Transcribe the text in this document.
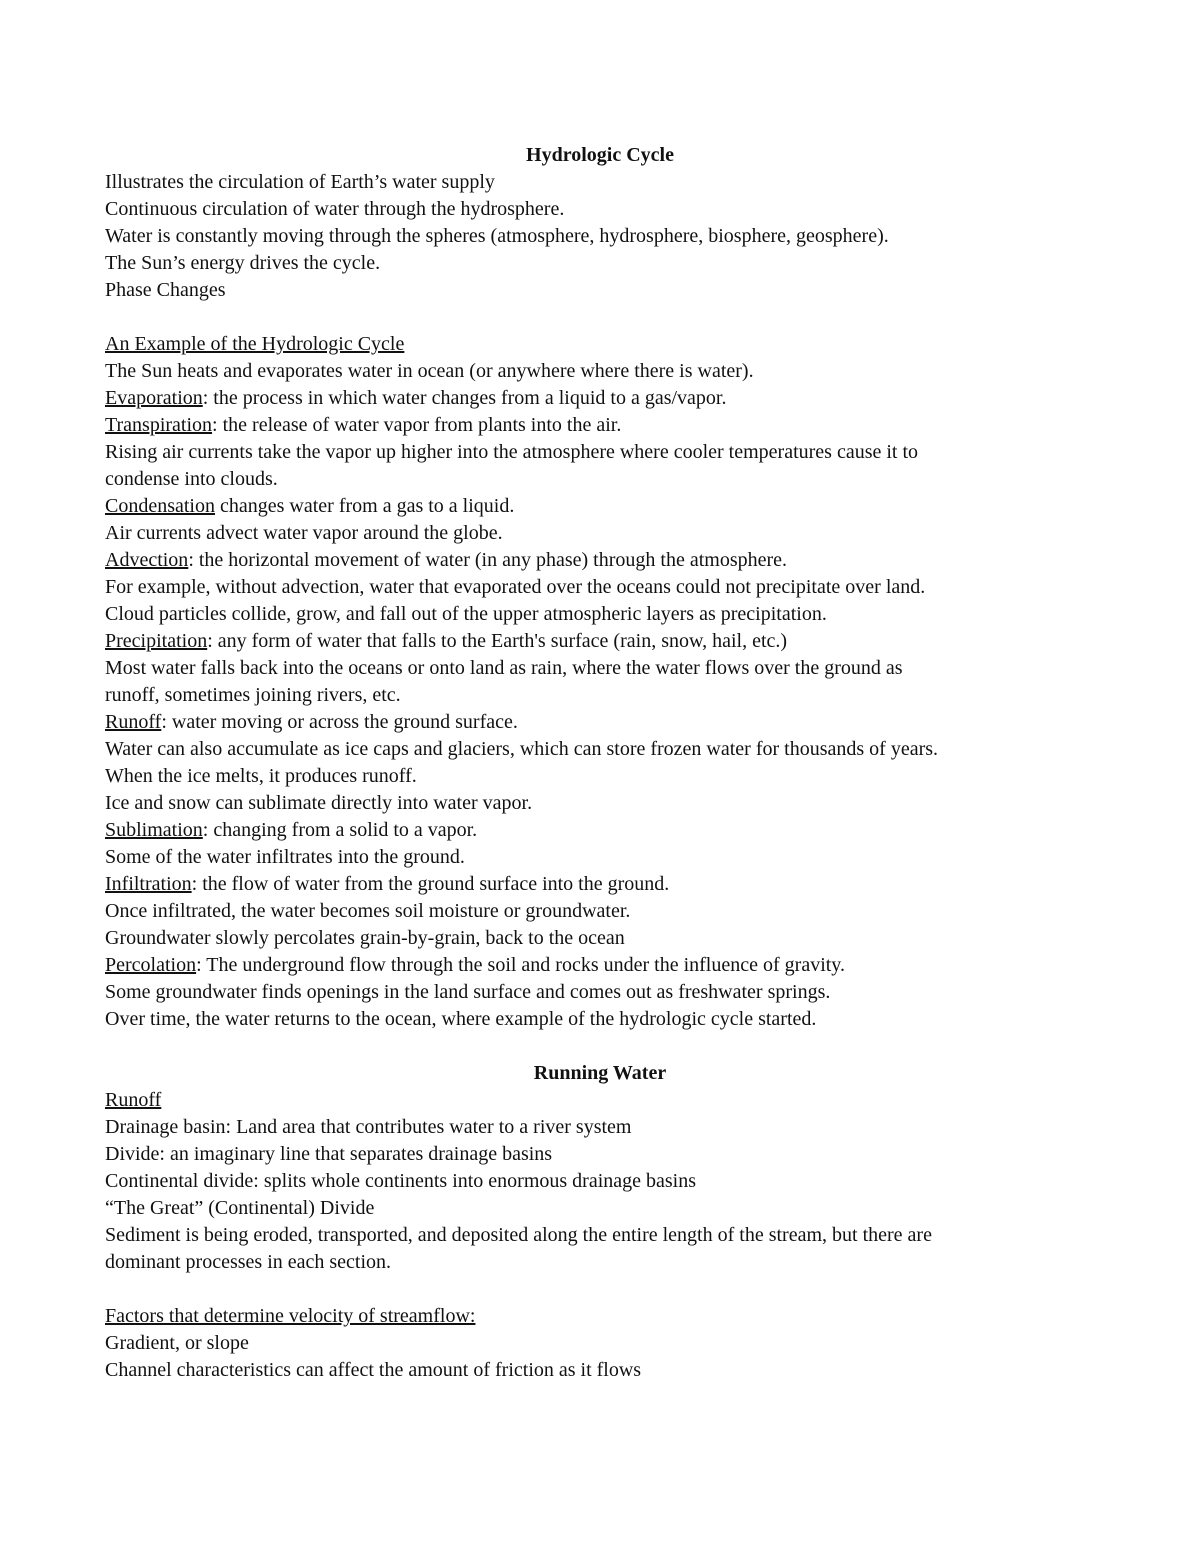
Hydrologic Cycle
Illustrates the circulation of Earth’s water supply
Continuous circulation of water through the hydrosphere.
Water is constantly moving through the spheres (atmosphere, hydrosphere, biosphere, geosphere).
The Sun’s energy drives the cycle.
Phase Changes
An Example of the Hydrologic Cycle
The Sun heats and evaporates water in ocean (or anywhere where there is water).
Evaporation: the process in which water changes from a liquid to a gas/vapor.
Transpiration: the release of water vapor from plants into the air.
Rising air currents take the vapor up higher into the atmosphere where cooler temperatures cause it to
condense into clouds.
Condensation changes water from a gas to a liquid.
Air currents advect water vapor around the globe.
Advection: the horizontal movement of water (in any phase) through the atmosphere.
For example, without advection, water that evaporated over the oceans could not precipitate over land.
Cloud particles collide, grow, and fall out of the upper atmospheric layers as precipitation.
Precipitation: any form of water that falls to the Earth's surface (rain, snow, hail, etc.)
Most water falls back into the oceans or onto land as rain, where the water flows over the ground as
runoff, sometimes joining rivers, etc.
Runoff: water moving or across the ground surface.
Water can also accumulate as ice caps and glaciers, which can store frozen water for thousands of years.
When the ice melts, it produces runoff.
Ice and snow can sublimate directly into water vapor.
Sublimation: changing from a solid to a vapor.
Some of the water infiltrates into the ground.
Infiltration: the flow of water from the ground surface into the ground.
Once infiltrated, the water becomes soil moisture or groundwater.
Groundwater slowly percolates grain-by-grain, back to the ocean
Percolation: The underground flow through the soil and rocks under the influence of gravity.
Some groundwater finds openings in the land surface and comes out as freshwater springs.
Over time, the water returns to the ocean, where example of the hydrologic cycle started.
Running Water
Runoff
Drainage basin: Land area that contributes water to a river system
Divide: an imaginary line that separates drainage basins
Continental divide: splits whole continents into enormous drainage basins
“The Great” (Continental) Divide
Sediment is being eroded, transported, and deposited along the entire length of the stream, but there are
dominant processes in each section.
Factors that determine velocity of streamflow:
Gradient, or slope
Channel characteristics can affect the amount of friction as it flows
